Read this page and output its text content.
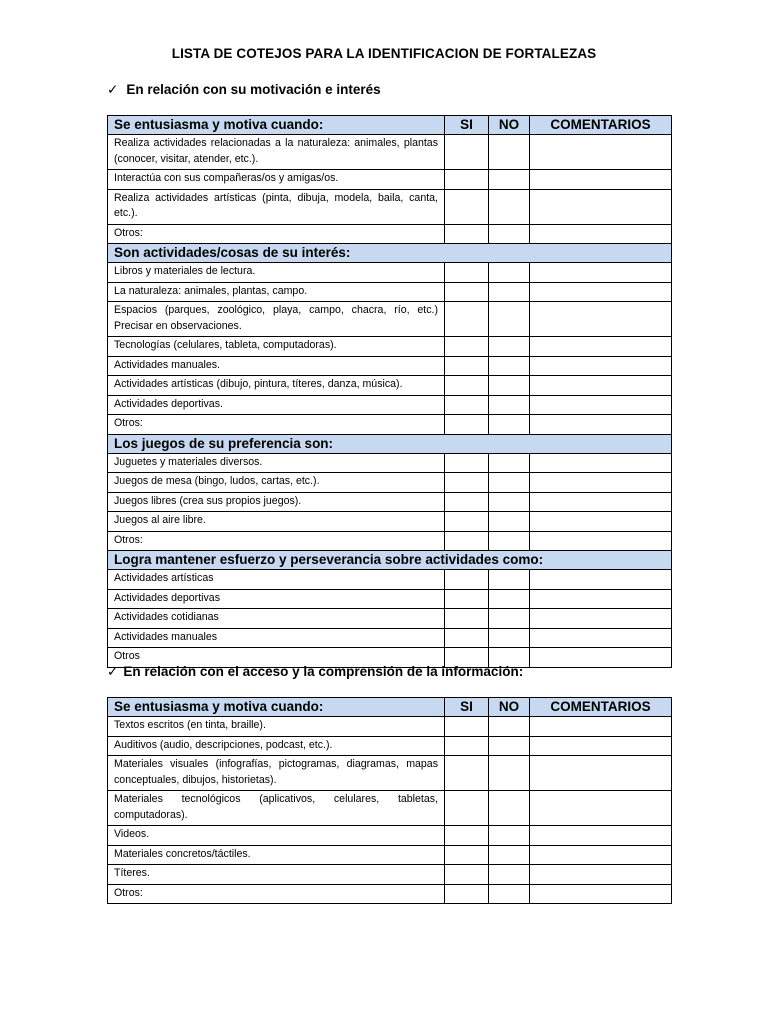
LISTA DE COTEJOS PARA LA IDENTIFICACION DE FORTALEZAS
✓ En relación con su motivación e interés
Se entusiasma y motiva cuando:	SI	NO	COMENTARIOS
Realiza actividades relacionadas a la naturaleza: animales, plantas (conocer, visitar, atender, etc.).			
Interactúa con sus compañeras/os y amigas/os.			
Realiza actividades artísticas (pinta, dibuja, modela, baila, canta, etc.).			
Otros:			
Son actividades/cosas de su interés:			
Libros y materiales de lectura.			
La naturaleza: animales, plantas, campo.			
Espacios (parques, zoológico, playa, campo, chacra, río, etc.) Precisar en observaciones.			
Tecnologías (celulares, tableta, computadoras).			
Actividades manuales.			
Actividades artísticas (dibujo, pintura, títeres, danza, música).			
Actividades deportivas.			
Otros:			
Los juegos de su preferencia son:			
Juguetes y materiales diversos.			
Juegos de mesa (bingo, ludos, cartas, etc.).			
Juegos libres (crea sus propios juegos).			
Juegos al aire libre.			
Otros:			
Logra mantener esfuerzo y perseverancia sobre actividades como:			
Actividades artísticas			
Actividades deportivas			
Actividades cotidianas			
Actividades manuales			
Otros			
✓ En relación con el acceso y la comprensión de la información:
Se entusiasma y motiva cuando:	SI	NO	COMENTARIOS
Textos escritos (en tinta, braille).			
Auditivos (audio, descripciones, podcast, etc.).			
Materiales visuales (infografías, pictogramas, diagramas, mapas conceptuales, dibujos, historietas).			
Materiales tecnológicos (aplicativos, celulares, tabletas, computadoras).			
Videos.			
Materiales concretos/táctiles.			
Títeres.			
Otros:			
